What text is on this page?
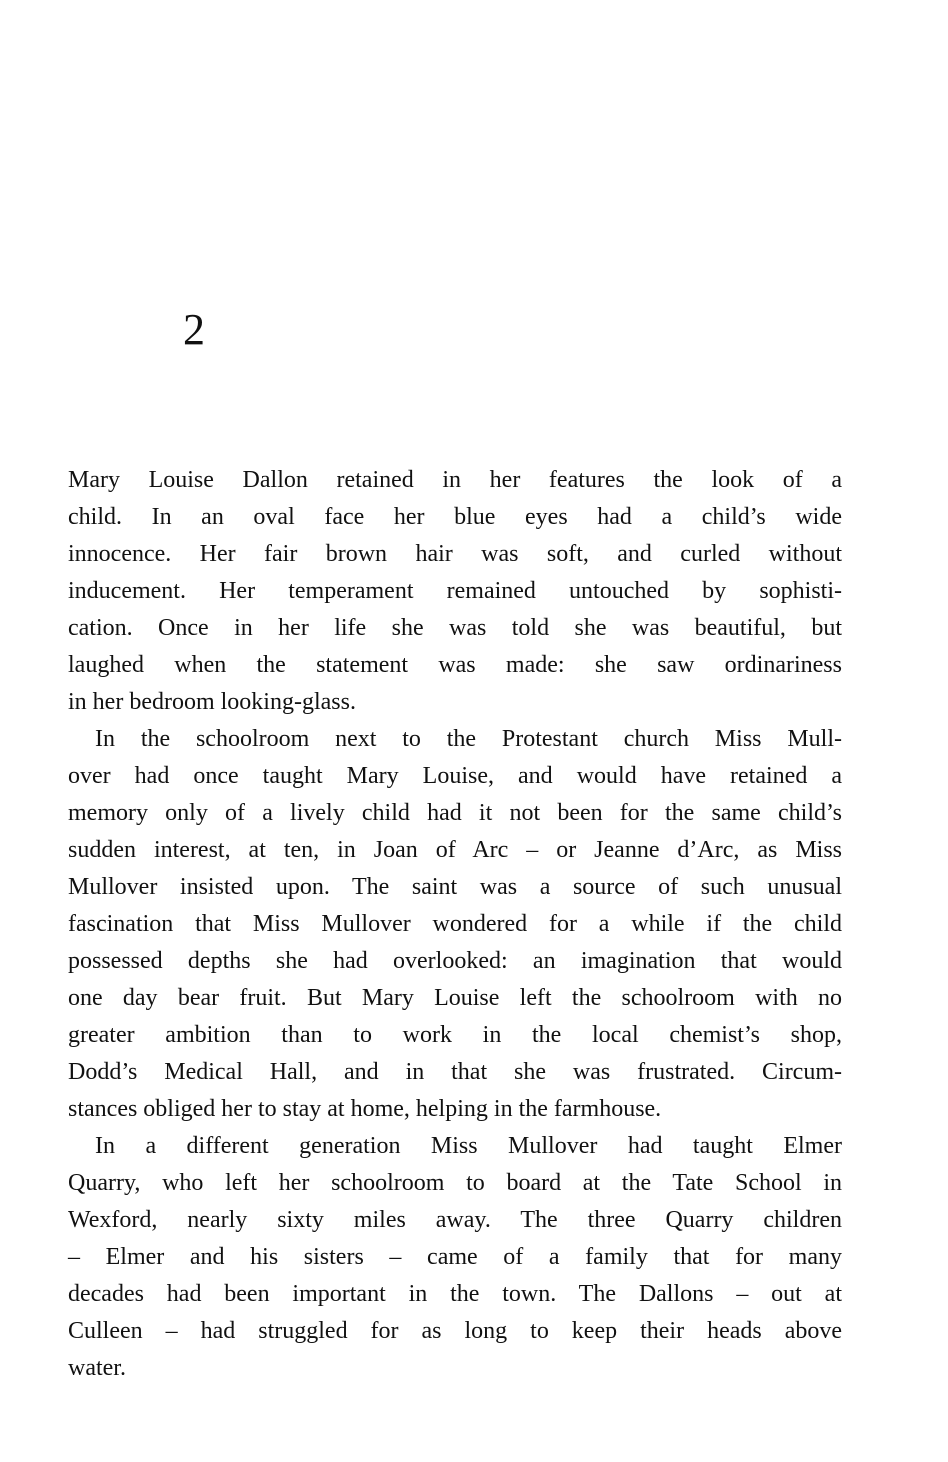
2
Mary Louise Dallon retained in her features the look of a
child. In an oval face her blue eyes had a child’s wide
innocence. Her fair brown hair was soft, and curled without
inducement. Her temperament remained untouched by sophisti-
cation. Once in her life she was told she was beautiful, but
laughed when the statement was made: she saw ordinariness
in her bedroom looking-glass.
In the schoolroom next to the Protestant church Miss Mull-
over had once taught Mary Louise, and would have retained a
memory only of a lively child had it not been for the same child’s
sudden interest, at ten, in Joan of Arc – or Jeanne d’Arc, as Miss
Mullover insisted upon. The saint was a source of such unusual
fascination that Miss Mullover wondered for a while if the child
possessed depths she had overlooked: an imagination that would
one day bear fruit. But Mary Louise left the schoolroom with no
greater ambition than to work in the local chemist’s shop,
Dodd’s Medical Hall, and in that she was frustrated. Circum-
stances obliged her to stay at home, helping in the farmhouse.
In a different generation Miss Mullover had taught Elmer
Quarry, who left her schoolroom to board at the Tate School in
Wexford, nearly sixty miles away. The three Quarry children
– Elmer and his sisters – came of a family that for many
decades had been important in the town. The Dallons – out at
Culleen – had struggled for as long to keep their heads above
water.
